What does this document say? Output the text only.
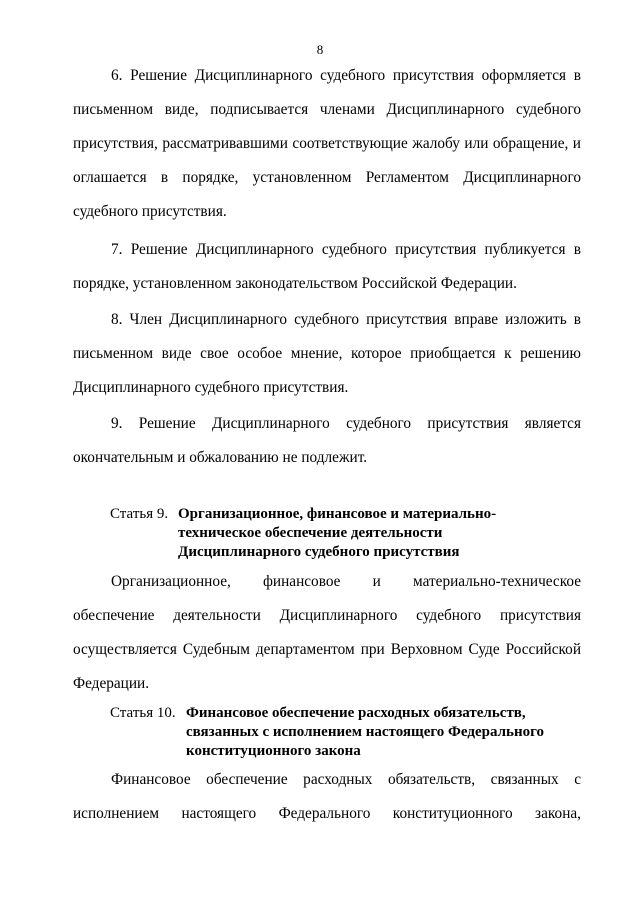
8

6. Решение Дисциплинарного судебного присутствия оформляется в письменном виде, подписывается членами Дисциплинарного судебного присутствия, рассматривавшими соответствующие жалобу или обращение, и оглашается в порядке, установленном Регламентом Дисциплинарного судебного присутствия.

7. Решение Дисциплинарного судебного присутствия публикуется в порядке, установленном законодательством Российской Федерации.

8. Член Дисциплинарного судебного присутствия вправе изложить в письменном виде свое особое мнение, которое приобщается к решению Дисциплинарного судебного присутствия.

9. Решение Дисциплинарного судебного присутствия является окончательным и обжалованию не подлежит.

Статья 9. Организационное, финансовое и материально-
техническое обеспечение деятельности
Дисциплинарного судебного присутствия

Организационное, финансовое и материально-техническое обеспечение деятельности Дисциплинарного судебного присутствия осуществляется Судебным департаментом при Верховном Суде Российской Федерации.

Статья 10. Финансовое обеспечение расходных обязательств,
связанных с исполнением настоящего Федерального
конституционного закона

Финансовое обеспечение расходных обязательств, связанных с исполнением настоящего Федерального конституционного закона,
